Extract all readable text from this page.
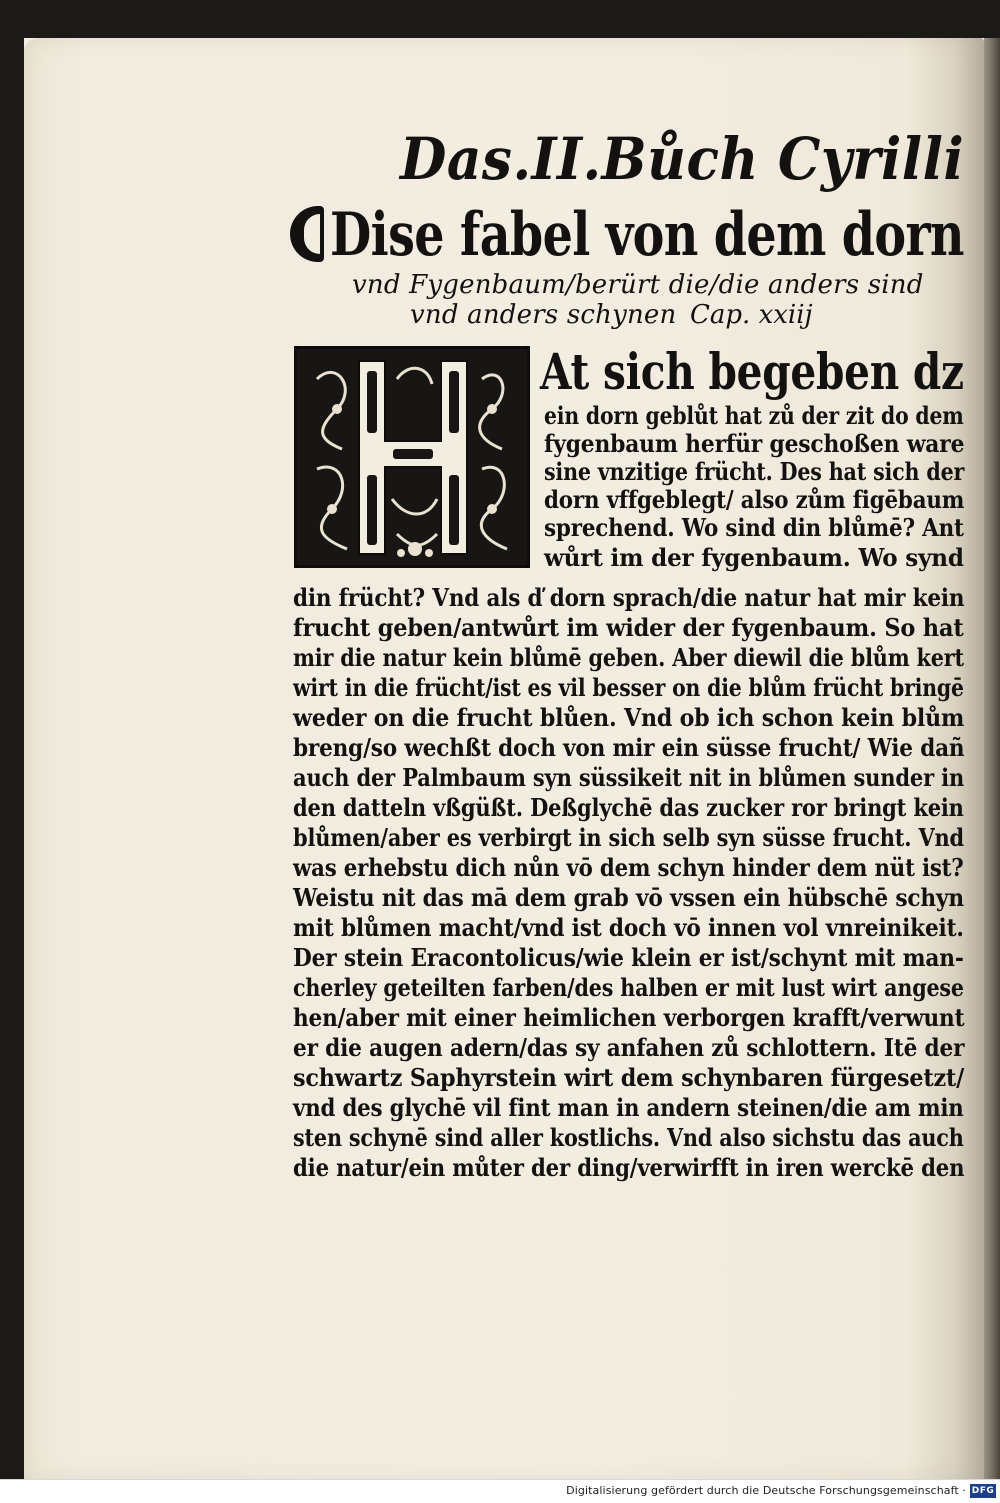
Das.II.Bůch Cyrilli
Dise fabel von dem dorn
vnd Fygenbaum/berürt die/die anders sind
vnd anders schynen Cap. xxiij
At sich begeben dz
ein dorn geblůt hat zů der zit do dem
fygenbaum herfür geschoßen ware
sine vnzitige frücht. Des hat sich der
dorn vffgeblegt/ also zům figēbaum
sprechend. Wo sind din blůmē? Ant
wůrt im der fygenbaum. Wo synd
din frücht? Vnd als ď dorn sprach/die natur hat mir kein
frucht geben/antwůrt im wider der fygenbaum. So hat
mir die natur kein blůmē geben. Aber diewil die blům kert
wirt in die frücht/ist es vil besser on die blům frücht bringē
weder on die frucht blůen. Vnd ob ich schon kein blům
breng/so wechßt doch von mir ein süsse frucht/ Wie dañ
auch der Palmbaum syn süssikeit nit in blůmen sunder in
den datteln vßgüßt. Deßglychē das zucker ror bringt kein
blůmen/aber es verbirgt in sich selb syn süsse frucht. Vnd
was erhebstu dich nůn vō dem schyn hinder dem nüt ist?
Weistu nit das mā dem grab vō vssen ein hübschē schyn
mit blůmen macht/vnd ist doch vō innen vol vnreinikeit.
Der stein Eracontolicus/wie klein er ist/schynt mit man-
cherley geteilten farben/des halben er mit lust wirt angese
hen/aber mit einer heimlichen verborgen krafft/verwunt
er die augen adern/das sy anfahen zů schlottern. Itē der
schwartz Saphyrstein wirt dem schynbaren fürgesetzt/
vnd des glychē vil fint man in andern steinen/die am min
sten schynē sind aller kostlichs. Vnd also sichstu das auch
die natur/ein můter der ding/verwirfft in iren werckē den
Digitalisierung gefördert durch die Deutsche Forschungsgemeinschaft · DFG
